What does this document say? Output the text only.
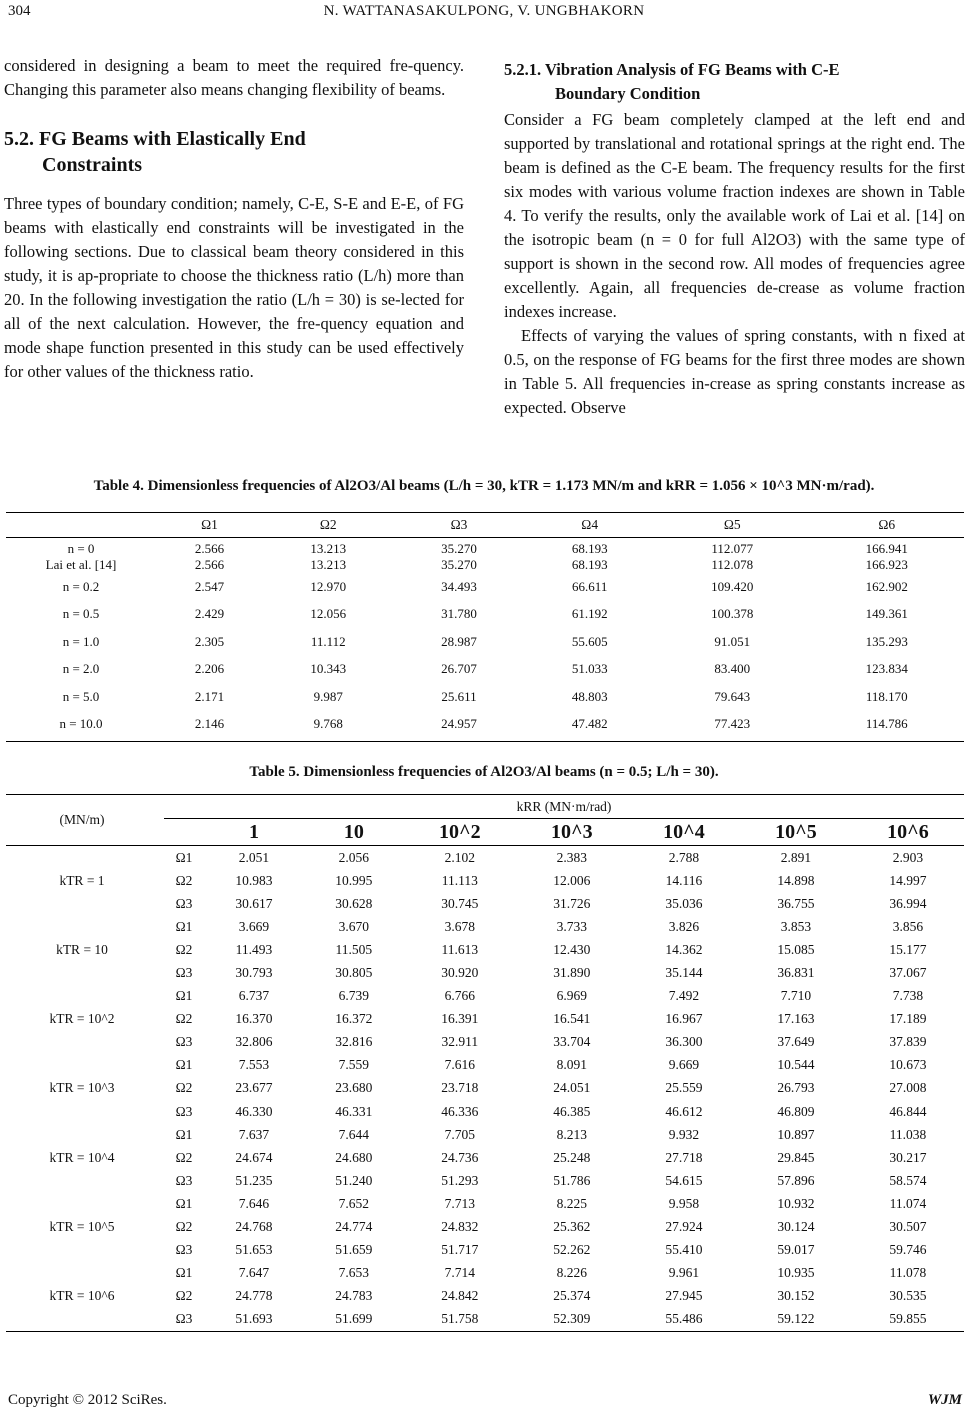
304	N. WATTANASAKULPONG, V. UNGBHAKORN

considered in designing a beam to meet the required fre-quency. Changing this parameter also means changing flexibility of beams.

5.2. FG Beams with Elastically End
Constraints

Three types of boundary condition; namely, C-E, S-E and E-E, of FG beams with elastically end constraints will be investigated in the following sections. Due to classical beam theory considered in this study, it is ap-propriate to choose the thickness ratio (L/h) more than 20. In the following investigation the ratio (L/h = 30) is se-lected for all of the next calculation. However, the fre-quency equation and mode shape function presented in this study can be used effectively for other values of the thickness ratio.

5.2.1. Vibration Analysis of FG Beams with C-E
Boundary Condition

Consider a FG beam completely clamped at the left end and supported by translational and rotational springs at the right end. The beam is defined as the C-E beam. The frequency results for the first six modes with various volume fraction indexes are shown in Table 4. To verify the results, only the available work of Lai et al. [14] on the isotropic beam (n = 0 for full Al2O3) with the same type of support is shown in the second row. All modes of frequencies agree excellently. Again, all frequencies de-crease as volume fraction indexes increase.

Effects of varying the values of spring constants, with n fixed at 0.5, on the response of FG beams for the first three modes are shown in Table 5. All frequencies in-crease as spring constants increase as expected. Observe

Table 4. Dimensionless frequencies of Al2O3/Al beams (L/h = 30, kTR = 1.173 MN/m and kRR = 1.056 × 10^3 MN·m/rad).
	Ω1	Ω2	Ω3	Ω4	Ω5	Ω6
n = 0	2.566	13.213	35.270	68.193	112.077	166.941
Lai et al. [14]	2.566	13.213	35.270	68.193	112.078	166.923
n = 0.2	2.547	12.970	34.493	66.611	109.420	162.902
n = 0.5	2.429	12.056	31.780	61.192	100.378	149.361
n = 1.0	2.305	11.112	28.987	55.605	91.051	135.293
n = 2.0	2.206	10.343	26.707	51.033	83.400	123.834
n = 5.0	2.171	9.987	25.611	48.803	79.643	118.170
n = 10.0	2.146	9.768	24.957	47.482	77.423	114.786
Table 5. Dimensionless frequencies of Al2O3/Al beams (n = 0.5; L/h = 30).
(MN/m)		kRR (MN·m/rad)							
			1	10	10^2	10^3	10^4	10^5	10^6
kTR = 1		Ω1	2.051	2.056	2.102	2.383	2.788	2.891	2.903
		Ω2	10.983	10.995	11.113	12.006	14.116	14.898	14.997
		Ω3	30.617	30.628	30.745	31.726	35.036	36.755	36.994
kTR = 10		Ω1	3.669	3.670	3.678	3.733	3.826	3.853	3.856
		Ω2	11.493	11.505	11.613	12.430	14.362	15.085	15.177
		Ω3	30.793	30.805	30.920	31.890	35.144	36.831	37.067
kTR = 10^2		Ω1	6.737	6.739	6.766	6.969	7.492	7.710	7.738
		Ω2	16.370	16.372	16.391	16.541	16.967	17.163	17.189
		Ω3	32.806	32.816	32.911	33.704	36.300	37.649	37.839
kTR = 10^3		Ω1	7.553	7.559	7.616	8.091	9.669	10.544	10.673
		Ω2	23.677	23.680	23.718	24.051	25.559	26.793	27.008
		Ω3	46.330	46.331	46.336	46.385	46.612	46.809	46.844
kTR = 10^4		Ω1	7.637	7.644	7.705	8.213	9.932	10.897	11.038
		Ω2	24.674	24.680	24.736	25.248	27.718	29.845	30.217
		Ω3	51.235	51.240	51.293	51.786	54.615	57.896	58.574
kTR = 10^5		Ω1	7.646	7.652	7.713	8.225	9.958	10.932	11.074
		Ω2	24.768	24.774	24.832	25.362	27.924	30.124	30.507
		Ω3	51.653	51.659	51.717	52.262	55.410	59.017	59.746
kTR = 10^6		Ω1	7.647	7.653	7.714	8.226	9.961	10.935	11.078
		Ω2	24.778	24.783	24.842	25.374	27.945	30.152	30.535
		Ω3	51.693	51.699	51.758	52.309	55.486	59.122	59.855
Copyright © 2012 SciRes.	WJM
